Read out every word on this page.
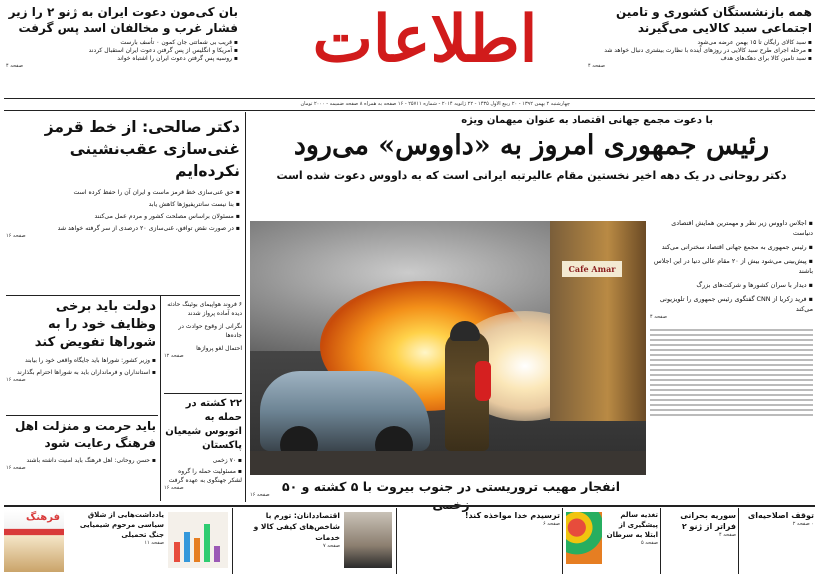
اطلاعات	همه بازنشستگان کشوری و تامین اجتماعی سبد کالایی می‌گیرند
▪ سبد کالای رایگان تا ۱۵ بهمن عرضه می‌شود
▪ مرحله اجرای طرح سبد کالایی در روزهای آینده با نظارت بیشتری دنبال خواهد شد
▪ سبد تامین کالا برای دهک‌های هدف
صفحه ۴
بان کی‌مون دعوت ایران به ژنو ۲ را زیر فشار غرب و مخالفان اسد پس گرفت
▪ قریب بی شماتتی جان کمون ۰ تأسف بارست
▪ آمریکا و انگلیس از پس گرفتن دعوت ایران استقبال کردند
▪ روسیه پس گرفتن دعوت ایران را اشتباه خواند
صفحه ۴
چهارشنبه ۲ بهمن ۱۳۹۲ - ۲۰ ربیع الاول ۱۴۳۵ - ۲۲ ژانویه ۲۰۱۴ - شماره ۲۵۷۱۱ - ۱۶ صفحه به همراه ۸ صفحه ضمیمه - ۲۰۰۰ تومان
با دعوت مجمع جهانی اقتصاد به عنوان میهمان ویژه
رئیس جمهوری امروز به «داووس» می‌رود
دکتر روحانی در یک دهه اخیر نخستین مقام عالیرتبه ایرانی است که به داووس دعوت شده است
▪ اجلاس داووس زیر نظر و مهمترین همایش اقتصادی دنیاست
▪ رئیس جمهوری به مجمع جهانی اقتصاد سخنرانی می‌کند
▪ پیش‌بینی می‌شود بیش از ۲۰ مقام عالی دنیا در این اجلاس باشند
▪ دیدار با سران کشورها و شرکت‌های بزرگ
▪ فرید زکریا از CNN گفتگوی رئیس جمهوری را تلویزیونی می‌کند
صفحه ۴
Cafe Amar
انفجار مهیب تروریستی در جنوب بیروت با ۵ کشته و ۵۰
صفحه ۱۶
دکتر صالحی: از خط قرمز غنی‌سازی عقب‌نشینی نکرده‌ایم
▪ حق غنی‌سازی خط قرمز ماست و ایران آن را حفظ کرده است
▪ بنا نیست سانتریفیوژها کاهش یابد
▪ مسئولان براساس مصلحت کشور و مردم عمل می‌کنند
▪ در صورت نقض توافق، غنی‌سازی ۲۰ درصدی از سر گرفته خواهد شد
صفحه ۱۶
دولت باید برخی وظایف خود را به شوراها تفویض کند
▪ وزیر کشور: شوراها باید جایگاه واقعی خود را بیابند
▪ استانداران و فرمانداران باید به شوراها احترام بگذارند
صفحه ۱۶
باید حرمت و منزلت اهل فرهنگ رعایت شود
▪ حسن روحانی: اهل فرهنگ باید امنیت داشته باشند
صفحه ۱۶
۶ فروند هواپیمای بوئینگ حادثه دیده آماده پرواز شدند
نگرانی از وقوع حوادث در جاده‌ها
احتمال لغو پروازها
صفحه ۱۲
۲۲ کشته در حمله به اتوبوس شیعیان پاکستان
▪ ۷۰ زخمی
▪ مسئولیت حمله را گروه لشکر جهنگوی به عهده گرفت
صفحه ۱۶
توقف اصلاحیه‌ای
۰ صفحه ۲
سوریه بحرانی فراتر از ژنو ۲
صفحه ۴
تغذیه سالم پیشگیری از ابتلا به سرطان
صفحه ۵
ترسیدم خدا مواخذه کند!
صفحه ۶
اقتصاددانان: تورم با شاخص‌های کیفی کالا و خدمات
صفحه ۷
یادداشت‌هایی از شلاق سیاسی مرحوم شیمیایی جنگ تحمیلی
صفحه ۱۱
فرهنگ
